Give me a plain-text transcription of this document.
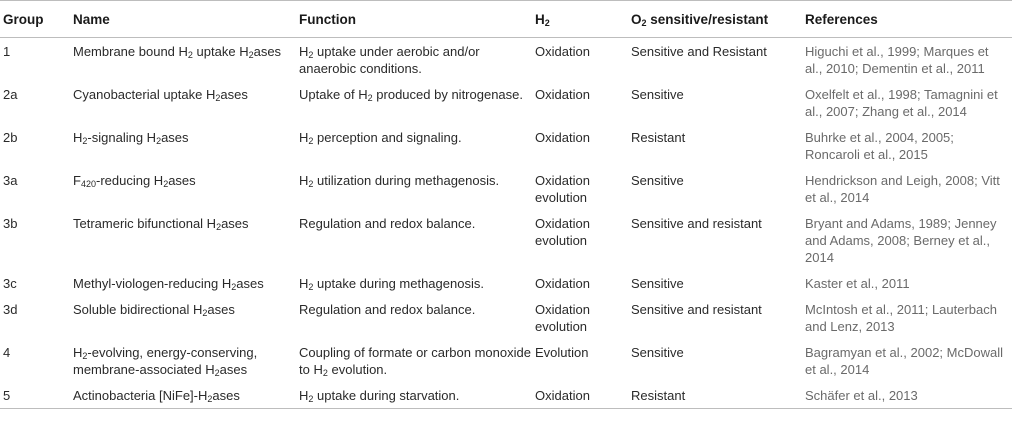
Group	Name	Function	$H_2$	$O_2$ sensitive/resistant	References
1	Membrane bound $H_2$ uptake $H_2ases$	$H_2$ uptake under aerobic and/or anaerobic conditions.	Oxidation	Sensitive and Resistant	Higuchi et al., 1999; Marques et al., 2010; Dementin et al., 2011
2a	Cyanobacterial uptake $H_2ases$	Uptake of $H_2$ produced by nitrogenase.	Oxidation	Sensitive	Oxelfelt et al., 1998; Tamagnini et al., 2007; Zhang et al., 2014
2b	$H_2$-signaling $H_2ases$	$H_2$ perception and signaling.	Oxidation	Resistant	Buhrke et al., 2004, 2005; Roncaroli et al., 2015
3a	$F_{420}$-reducing $H_2ases$	$H_2$ utilization during methagenosis.	Oxidation evolution	Sensitive	Hendrickson and Leigh, 2008; Vitt et al., 2014
3b	Tetrameric bifunctional $H_2ases$	Regulation and redox balance.	Oxidation evolution	Sensitive and resistant	Bryant and Adams, 1989; Jenney and Adams, 2008; Berney et al., 2014
3c	Methyl-viologen-reducing $H_2ases$	$H_2$ uptake during methagenosis.	Oxidation	Sensitive	Kaster et al., 2011
3d	Soluble bidirectional $H_2ases$	Regulation and redox balance.	Oxidation evolution	Sensitive and resistant	McIntosh et al., 2011; Lauterbach and Lenz, 2013
4	$H_2$-evolving, energy-conserving, membrane-associated $H_2ases$	Coupling of formate or carbon monoxide to $H_2$ evolution.	Evolution	Sensitive	Bagramyan et al., 2002; McDowall et al., 2014
5	Actinobacteria $[NiFe]-H_2ases$	$H_2$ uptake during starvation.	Oxidation	Resistant	Schäfer et al., 2013
